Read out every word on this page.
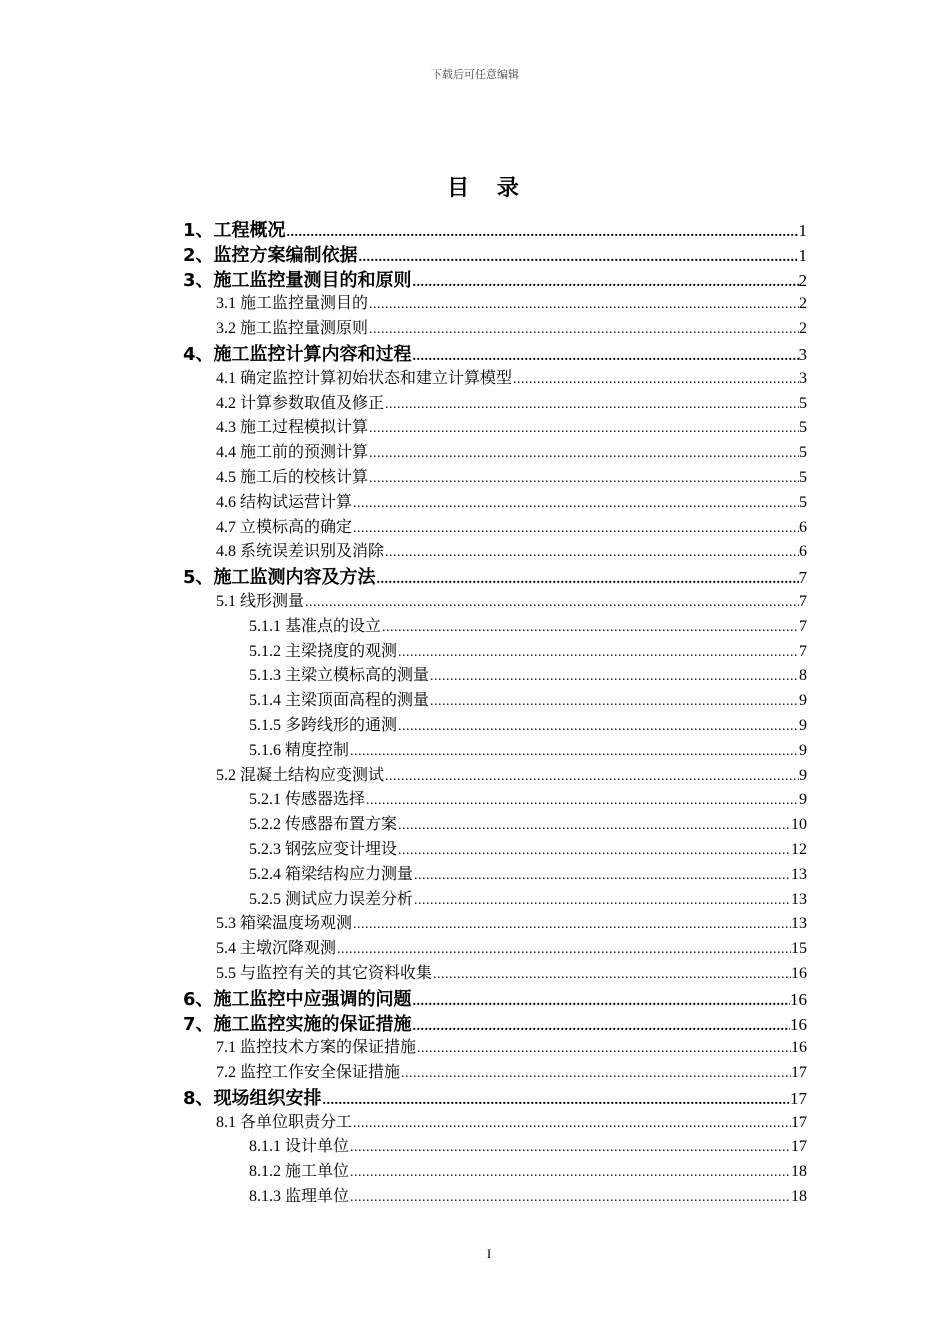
下载后可任意编辑
目 录
1、工程概况 .....	1
2、监控方案编制依据 .....	1
3、施工监控量测目的和原则 .....	2
3.1 施工监控量测目的 .....	2
3.2 施工监控量测原则 .....	2
4、施工监控计算内容和过程 .....	3
4.1 确定监控计算初始状态和建立计算模型 .....	3
4.2 计算参数取值及修正 .....	5
4.3 施工过程模拟计算 .....	5
4.4 施工前的预测计算 .....	5
4.5 施工后的校核计算 .....	5
4.6 结构试运营计算 .....	5
4.7 立模标高的确定 .....	6
4.8 系统误差识别及消除 .....	6
5、施工监测内容及方法 .....	7
5.1 线形测量 .....	7
5.1.1 基准点的设立 .....	7
5.1.2 主梁挠度的观测 .....	7
5.1.3 主梁立模标高的测量 .....	8
5.1.4 主梁顶面高程的测量 .....	9
5.1.5 多跨线形的通测 .....	9
5.1.6 精度控制 .....	9
5.2 混凝土结构应变测试 .....	9
5.2.1 传感器选择 .....	9
5.2.2 传感器布置方案 .....	10
5.2.3 钢弦应变计埋设 .....	12
5.2.4 箱梁结构应力测量 .....	13
5.2.5 测试应力误差分析 .....	13
5.3 箱梁温度场观测 .....	13
5.4 主墩沉降观测 .....	15
5.5 与监控有关的其它资料收集 .....	16
6、施工监控中应强调的问题 .....	16
7、施工监控实施的保证措施 .....	16
7.1 监控技术方案的保证措施 .....	16
7.2 监控工作安全保证措施 .....	17
8、现场组织安排 .....	17
8.1 各单位职责分工 .....	17
8.1.1 设计单位 .....	17
8.1.2 施工单位 .....	18
8.1.3 监理单位 .....	18
I
